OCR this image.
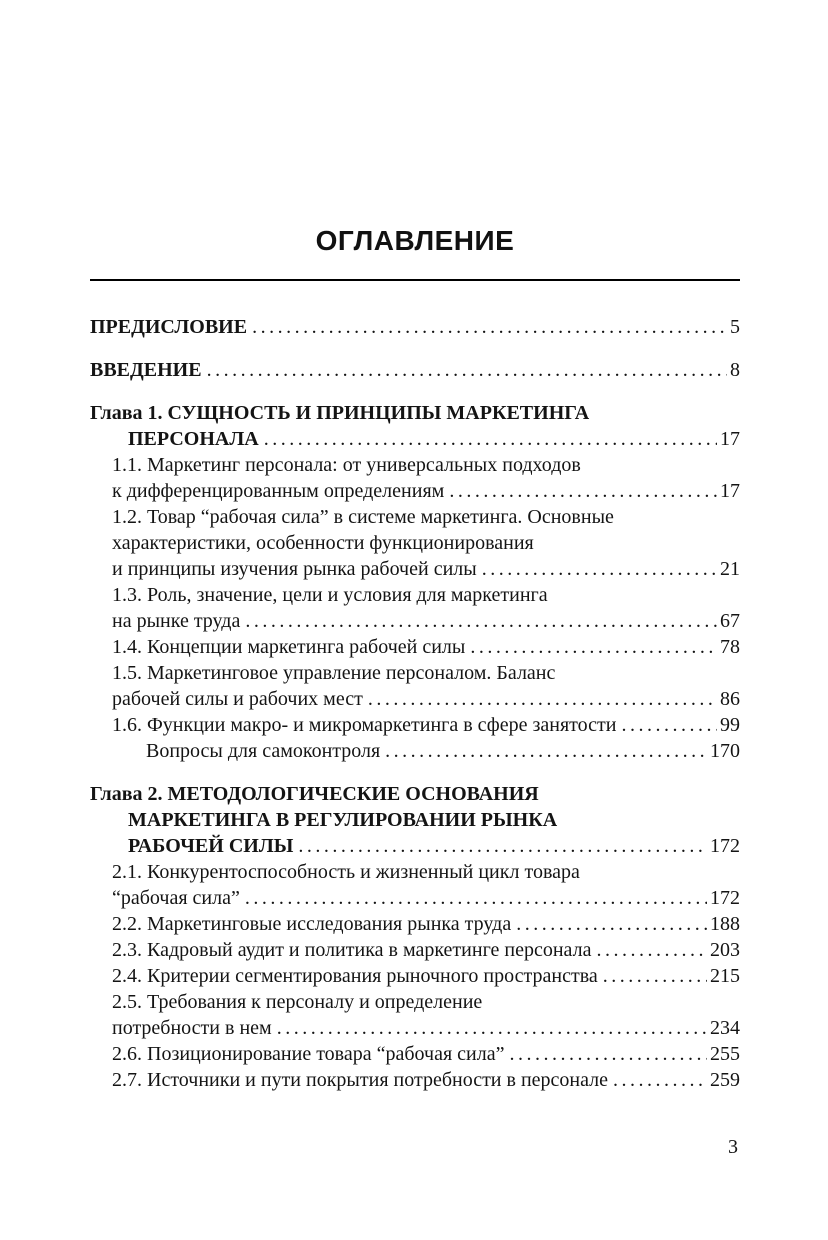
ОГЛАВЛЕНИЕ
ПРЕДИСЛОВИЕ .....	5
ВВЕДЕНИЕ .....	8
Глава 1. СУЩНОСТЬ И ПРИНЦИПЫ МАРКЕТИНГА
ПЕРСОНАЛА .....	17
1.1. Маркетинг персонала: от универсальных подходов
к дифференцированным определениям .....	17
1.2. Товар “рабочая сила” в системе маркетинга. Основные
характеристики, особенности функционирования
и принципы изучения рынка рабочей силы .....	21
1.3. Роль, значение, цели и условия для маркетинга
на рынке труда .....	67
1.4. Концепции маркетинга рабочей силы .....	78
1.5. Маркетинговое управление персоналом. Баланс
рабочей силы и рабочих мест .....	86
1.6. Функции макро- и микромаркетинга в сфере занятости .....	99
Вопросы для самоконтроля .....	170
Глава 2. МЕТОДОЛОГИЧЕСКИЕ ОСНОВАНИЯ
МАРКЕТИНГА В РЕГУЛИРОВАНИИ РЫНКА
РАБОЧЕЙ СИЛЫ .....	172
2.1. Конкурентоспособность и жизненный цикл товара
“рабочая сила” .....	172
2.2. Маркетинговые исследования рынка труда .....	188
2.3. Кадровый аудит и политика в маркетинге персонала .....	203
2.4. Критерии сегментирования рыночного пространства .....	215
2.5. Требования к персоналу и определение
потребности в нем .....	234
2.6. Позиционирование товара “рабочая сила” .....	255
2.7. Источники и пути покрытия потребности в персонале .....	259
3
